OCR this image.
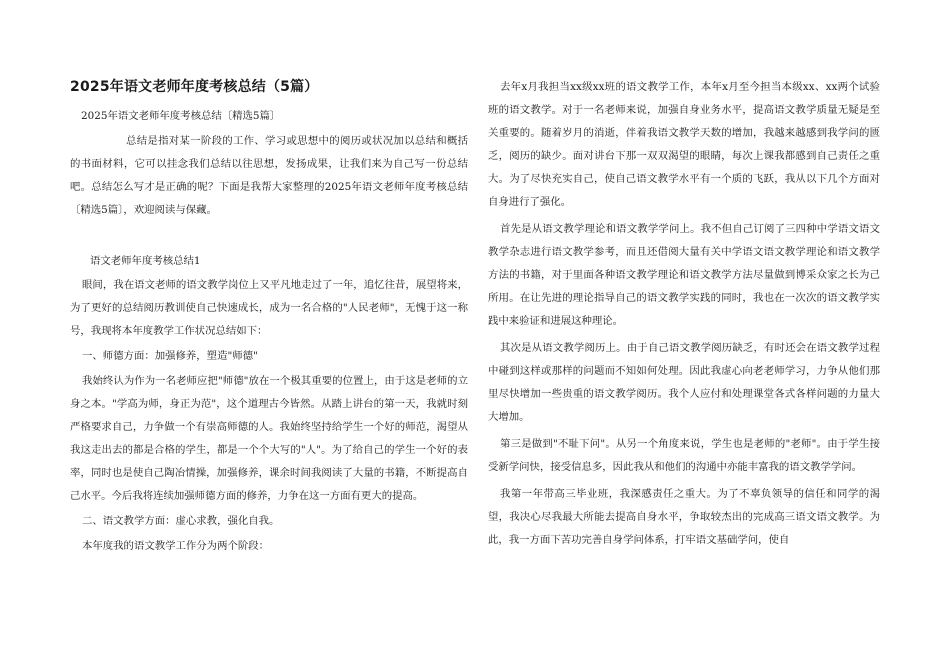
2025年语文老师年度考核总结（5篇）

2025年语文老师年度考核总结〔精选5篇〕

总结是指对某一阶段的工作、学习或思想中的阅历或状况加以总结和概括的书面材料，它可以挂念我们总结以往思想，发扬成果，让我们来为自己写一份总结吧。总结怎么写才是正确的呢？下面是我帮大家整理的2025年语文老师年度考核总结〔精选5篇〕，欢迎阅读与保藏。

语文老师年度考核总结1

眼间，我在语文老师的语文教学岗位上又平凡地走过了一年，追忆往昔，展望将来，为了更好的总结阅历教训使自己快速成长，成为一名合格的"人民老师"，无愧于这一称号，我现将本年度教学工作状况总结如下：

一、师德方面：加强修养，塑造"师德"

我始终认为作为一名老师应把"师德"放在一个极其重要的位置上，由于这是老师的立身之本。"学高为师，身正为范"，这个道理古今皆然。从踏上讲台的第一天，我就时刻严格要求自己，力争做一个有崇高师德的人。我始终坚持给学生一个好的师范，渴望从我这走出去的都是合格的学生，都是一个个大写的"人"。为了给自己的学生一个好的表率，同时也是使自己陶冶情操，加强修养，课余时间我阅读了大量的书籍，不断提高自己水平。今后我将连续加强师德方面的修养，力争在这一方面有更大的提高。

二、语文教学方面：虚心求教，强化自我。

本年度我的语文教学工作分为两个阶段：

去年x月我担当xx级xx班的语文教学工作，本年x月至今担当本级xx、xx两个试验班的语文教学。对于一名老师来说，加强自身业务水平，提高语文教学质量无疑是至关重要的。随着岁月的消逝，伴着我语文教学天数的增加，我越来越感到我学问的匮乏，阅历的缺少。面对讲台下那一双双渴望的眼睛，每次上课我都感到自己责任之重大。为了尽快充实自己，使自己语文教学水平有一个质的飞跃，我从以下几个方面对自身进行了强化。

首先是从语文教学理论和语文教学学问上。我不但自己订阅了三四种中学语文语文教学杂志进行语文教学参考，而且还借阅大量有关中学语文语文教学理论和语文教学方法的书籍，对于里面各种语文教学理论和语文教学方法尽量做到博采众家之长为己所用。在让先进的理论指导自己的语文教学实践的同时，我也在一次次的语文教学实践中来验证和进展这种理论。

其次是从语文教学阅历上。由于自己语文教学阅历缺乏，有时还会在语文教学过程中碰到这样或那样的问题而不知如何处理。因此我虚心向老老师学习，力争从他们那里尽快增加一些贵重的语文教学阅历。我个人应付和处理课堂各式各样问题的力量大大增加。

第三是做到"不耻下问"。从另一个角度来说，学生也是老师的"老师"。由于学生接受新学问快，接受信息多，因此我从和他们的沟通中亦能丰富我的语文教学学问。

我第一年带高三毕业班，我深感责任之重大。为了不辜负领导的信任和同学的渴望，我决心尽我最大所能去提高自身水平，争取较杰出的完成高三语文语文教学。为此，我一方面下苦功完善自身学问体系，打牢语文基础学问，使自
